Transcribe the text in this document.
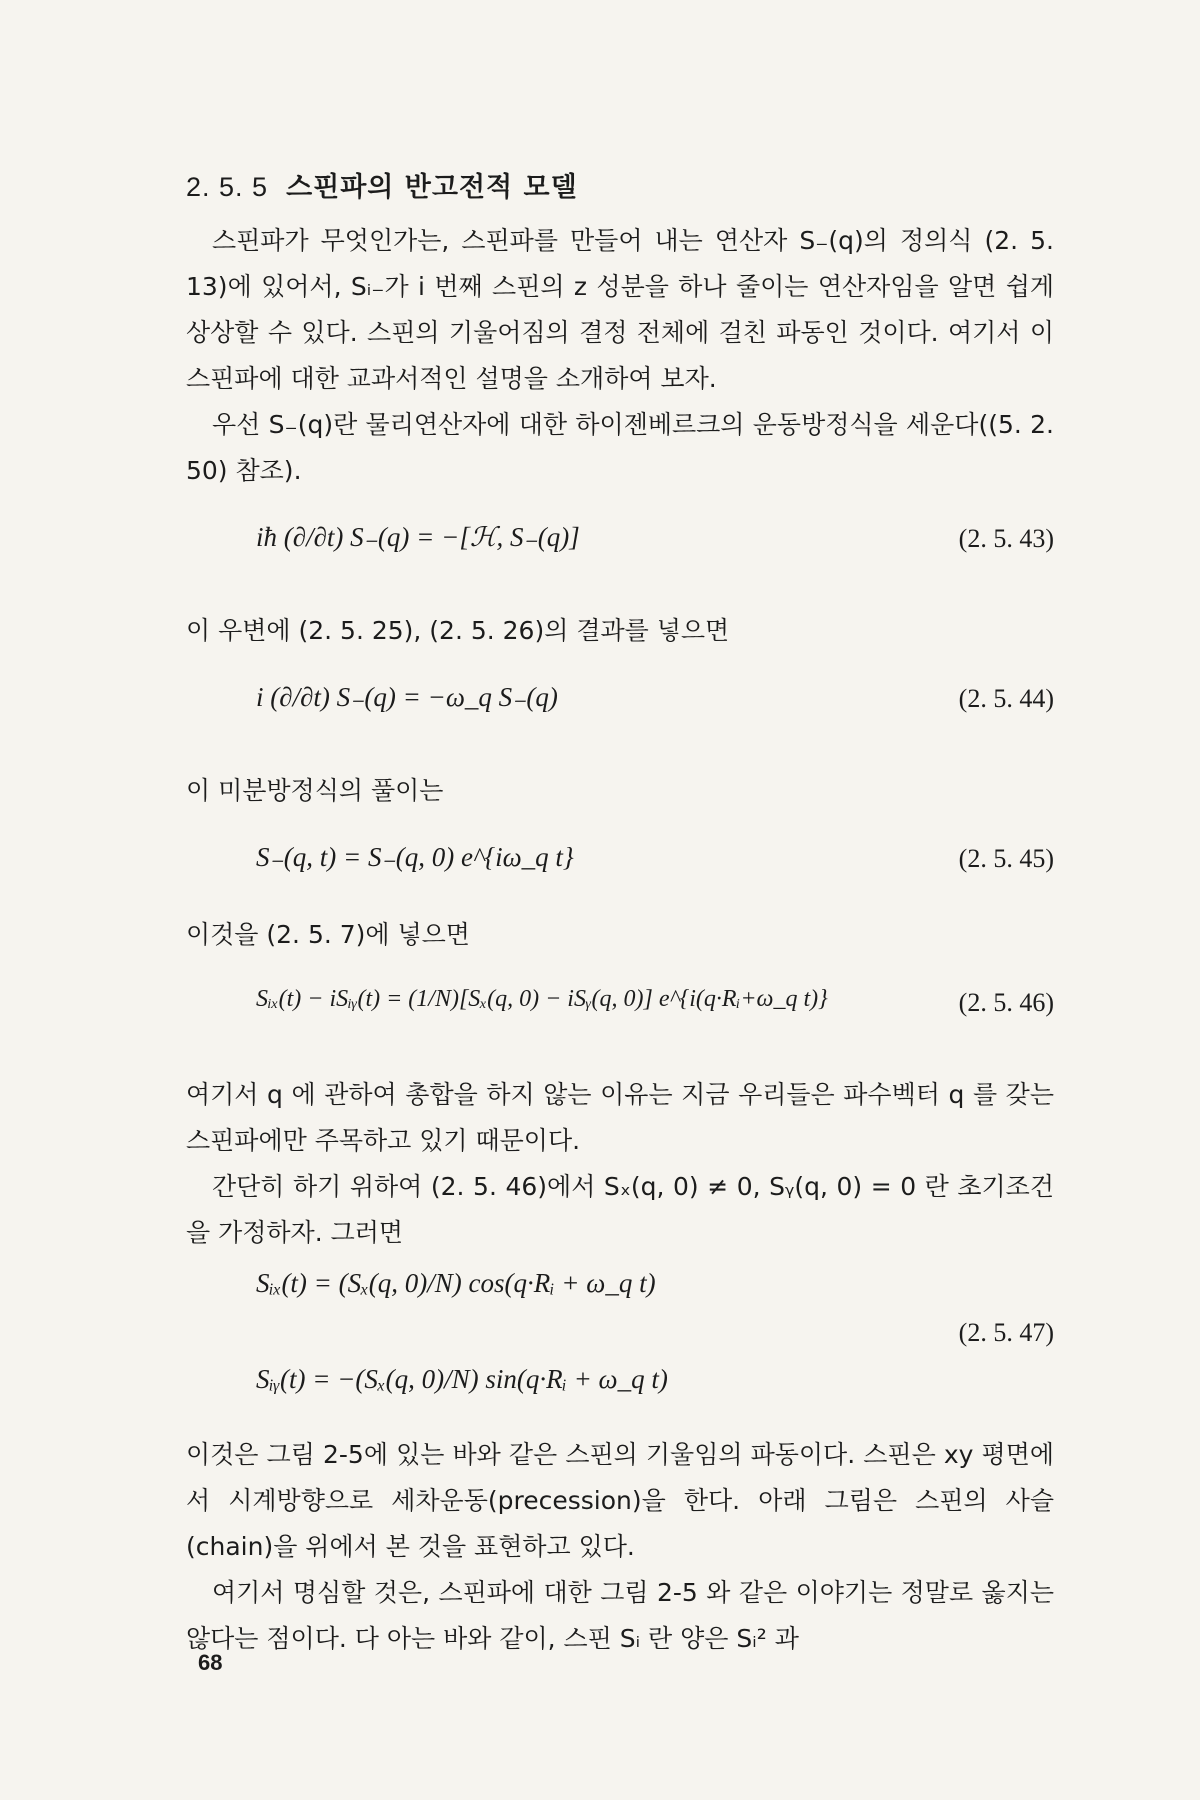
2. 5. 5 스핀파의 반고전적 모델

스핀파가 무엇인가는, 스핀파를 만들어 내는 연산자 S₋(q)의 정의식 (2. 5. 13)에 있어서, Sᵢ₋가 i 번째 스핀의 z 성분을 하나 줄이는 연산자임을 알면 쉽게 상상할 수 있다. 스핀의 기울어짐의 결정 전체에 걸친 파동인 것이다. 여기서 이 스핀파에 대한 교과서적인 설명을 소개하여 보자.

우선 S₋(q)란 물리연산자에 대한 하이젠베르크의 운동방정식을 세운다((5. 2. 50) 참조).

iħ (∂/∂t) S₋(q) = −[ℋ, S₋(q)]	(2. 5. 43)

이 우변에 (2. 5. 25), (2. 5. 26)의 결과를 넣으면

i (∂/∂t) S₋(q) = −ω_q S₋(q)	(2. 5. 44)

이 미분방정식의 풀이는

S₋(q, t) = S₋(q, 0) e^{iω_q t}	(2. 5. 45)

이것을 (2. 5. 7)에 넣으면

Sᵢₓ(t) − iSᵢᵧ(t) = (1/N)[Sₓ(q, 0) − iSᵧ(q, 0)] e^{i(q·Rᵢ+ω_q t)}	(2. 5. 46)

여기서 q 에 관하여 총합을 하지 않는 이유는 지금 우리들은 파수벡터 q 를 갖는 스핀파에만 주목하고 있기 때문이다.

간단히 하기 위하여 (2. 5. 46)에서 Sₓ(q, 0) ≠ 0, Sᵧ(q, 0) = 0 란 초기조건을 가정하자. 그러면

Sᵢₓ(t) = (Sₓ(q, 0)/N) cos(q·Rᵢ + ω_q t)
(2. 5. 47)
Sᵢᵧ(t) = −(Sₓ(q, 0)/N) sin(q·Rᵢ + ω_q t)

이것은 그림 2-5에 있는 바와 같은 스핀의 기울임의 파동이다. 스핀은 xy 평면에서 시계방향으로 세차운동(precession)을 한다. 아래 그림은 스핀의 사슬(chain)을 위에서 본 것을 표현하고 있다.

여기서 명심할 것은, 스핀파에 대한 그림 2-5 와 같은 이야기는 정말로 옳지는 않다는 점이다. 다 아는 바와 같이, 스핀 Sᵢ 란 양은 Sᵢ² 과

68
